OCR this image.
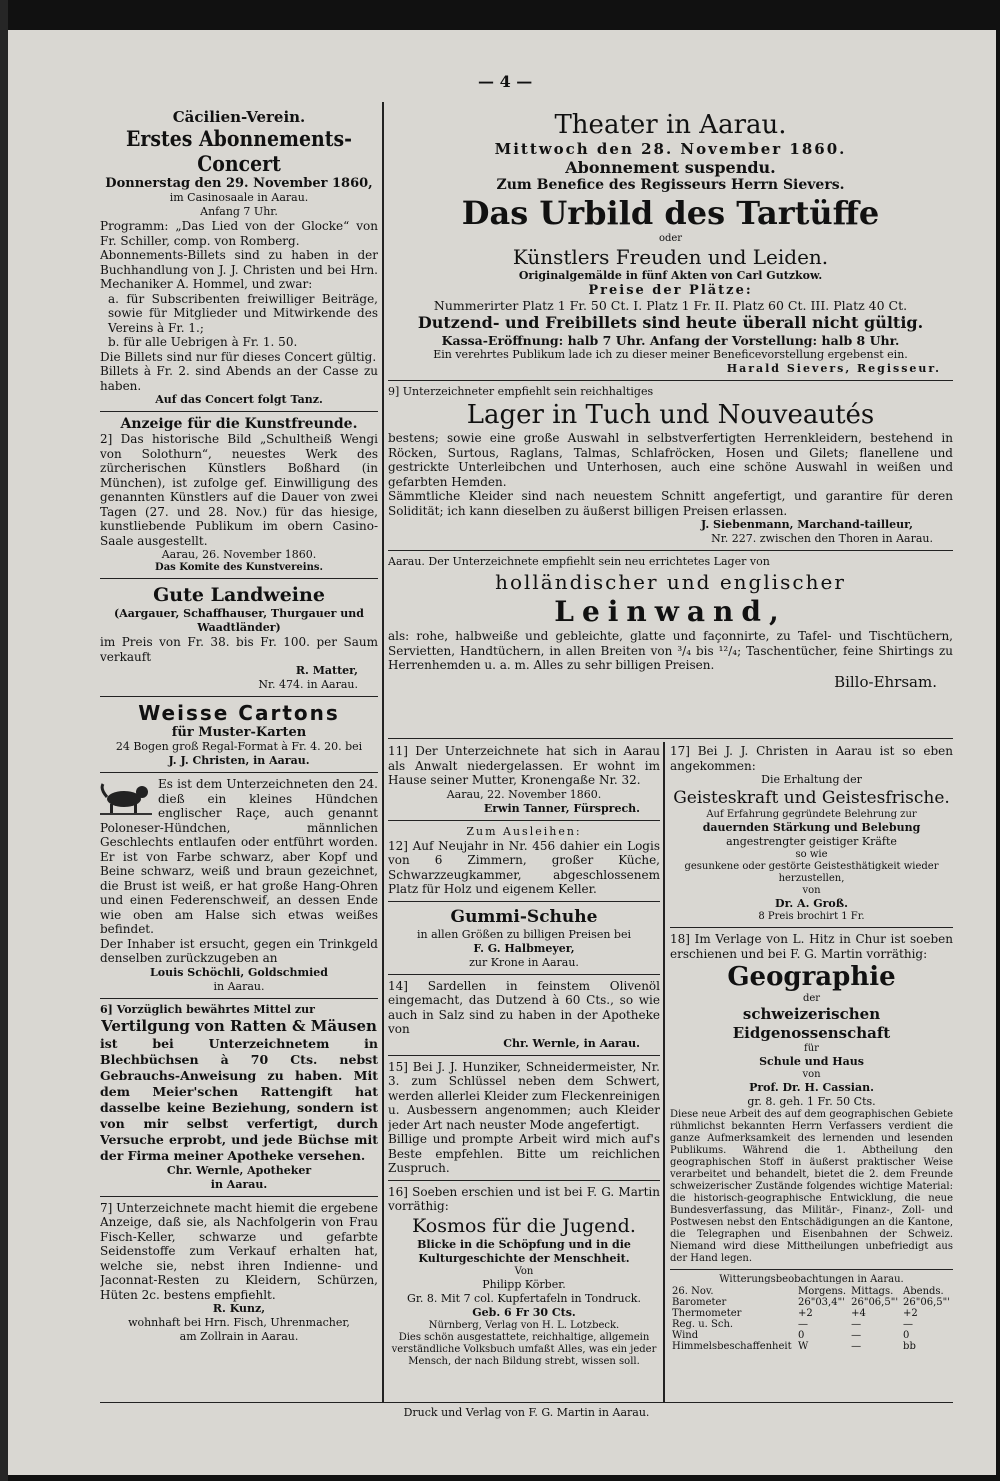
— 4 —

Cäcilien-Verein.

Erstes Abonnements-Concert

Donnerstag den 29. November 1860,

im Casinosaale in Aarau.

Anfang 7 Uhr.

Programm: „Das Lied von der Glocke“ von Fr. Schiller, comp. von Romberg.

Abonnements-Billets sind zu haben in der Buchhandlung von J. J. Christen und bei Hrn. Mechaniker A. Hommel, und zwar:

a. für Subscribenten freiwilliger Beiträge, sowie für Mitglieder und Mitwirkende des Vereins à Fr. 1.;

b. für alle Uebrigen à Fr. 1. 50.

Die Billets sind nur für dieses Concert gültig.

Billets à Fr. 2. sind Abends an der Casse zu haben.

Auf das Concert folgt Tanz.

Anzeige für die Kunstfreunde.

2] Das historische Bild „Schultheiß Wengi von Solothurn“, neuestes Werk des zürcherischen Künstlers Boßhard (in München), ist zufolge gef. Einwilligung des genannten Künstlers auf die Dauer von zwei Tagen (27. und 28. Nov.) für das hiesige, kunstliebende Publikum im obern Casino-Saale ausgestellt.

Aarau, 26. November 1860.

Das Komite des Kunstvereins.

Gute Landweine

(Aargauer, Schaffhauser, Thurgauer und Waadtländer)

im Preis von Fr. 38. bis Fr. 100. per Saum verkauft

R. Matter,

Nr. 474. in Aarau.

Weisse Cartons

für Muster-Karten

24 Bogen groß Regal-Format à Fr. 4. 20. bei

J. J. Christen, in Aarau.

Es ist dem Unterzeichneten den 24. dieß ein kleines Hündchen englischer Raçe, auch genannt Poloneser-Hündchen, männlichen Geschlechts entlaufen oder entführt worden. Er ist von Farbe schwarz, aber Kopf und Beine schwarz, weiß und braun gezeichnet, die Brust ist weiß, er hat große Hang-Ohren und einen Federenschweif, an dessen Ende wie oben am Halse sich etwas weißes befindet.

Der Inhaber ist ersucht, gegen ein Trinkgeld denselben zurückzugeben an

Louis Schöchli, Goldschmied

in Aarau.

6] Vorzüglich bewährtes Mittel zur

Vertilgung von Ratten & Mäusen

ist bei Unterzeichnetem in Blechbüchsen à 70 Cts. nebst Gebrauchs-Anweisung zu haben. Mit dem Meier'schen Rattengift hat dasselbe keine Beziehung, sondern ist von mir selbst verfertigt, durch Versuche erprobt, und jede Büchse mit der Firma meiner Apotheke versehen.

Chr. Wernle, Apotheker

in Aarau.

7] Unterzeichnete macht hiemit die ergebene Anzeige, daß sie, als Nachfolgerin von Frau Fisch-Keller, schwarze und gefarbte Seidenstoffe zum Verkauf erhalten hat, welche sie, nebst ihren Indienne- und Jaconnat-Resten zu Kleidern, Schürzen, Hüten 2c. bestens empfiehlt.

R. Kunz,

wohnhaft bei Hrn. Fisch, Uhrenmacher,

am Zollrain in Aarau.

Theater in Aarau.

Mittwoch den 28. November 1860.

Abonnement suspendu.

Zum Benefice des Regisseurs Herrn Sievers.

Das Urbild des Tartüffe

oder

Künstlers Freuden und Leiden.

Originalgemälde in fünf Akten von Carl Gutzkow.

Preise der Plätze:

Nummerirter Platz 1 Fr. 50 Ct. I. Platz 1 Fr. II. Platz 60 Ct. III. Platz 40 Ct.

Dutzend- und Freibillets sind heute überall nicht gültig.

Kassa-Eröffnung: halb 7 Uhr. Anfang der Vorstellung: halb 8 Uhr.

Ein verehrtes Publikum lade ich zu dieser meiner Beneficevorstellung ergebenst ein.

Harald Sievers, Regisseur.

9] Unterzeichneter empfiehlt sein reichhaltiges

Lager in Tuch und Nouveautés

bestens; sowie eine große Auswahl in selbstverfertigten Herrenkleidern, bestehend in Röcken, Surtous, Raglans, Talmas, Schlafröcken, Hosen und Gilets; flanellene und gestrickte Unterleibchen und Unterhosen, auch eine schöne Auswahl in weißen und gefarbten Hemden.

Sämmtliche Kleider sind nach neuestem Schnitt angefertigt, und garantire für deren Solidität; ich kann dieselben zu äußerst billigen Preisen erlassen.

J. Siebenmann, Marchand-tailleur,

Nr. 227. zwischen den Thoren in Aarau.

Aarau. Der Unterzeichnete empfiehlt sein neu errichtetes Lager von

holländischer und englischer

Leinwand,

als: rohe, halbweiße und gebleichte, glatte und façonnirte, zu Tafel- und Tischtüchern, Servietten, Handtüchern, in allen Breiten von ³/₄ bis ¹²/₄; Taschentücher, feine Shirtings zu Herrenhemden u. a. m. Alles zu sehr billigen Preisen.

Billo-Ehrsam.

11] Der Unterzeichnete hat sich in Aarau als Anwalt niedergelassen. Er wohnt im Hause seiner Mutter, Kronengaße Nr. 32.

Aarau, 22. November 1860.

Erwin Tanner, Fürsprech.

Zum Ausleihen:

12] Auf Neujahr in Nr. 456 dahier ein Logis von 6 Zimmern, großer Küche, Schwarzzeugkammer, abgeschlossenem Platz für Holz und eigenem Keller.

Gummi-Schuhe

in allen Größen zu billigen Preisen bei

F. G. Halbmeyer,

zur Krone in Aarau.

14] Sardellen in feinstem Olivenöl eingemacht, das Dutzend à 60 Cts., so wie auch in Salz sind zu haben in der Apotheke von

Chr. Wernle, in Aarau.

15] Bei J. J. Hunziker, Schneidermeister, Nr. 3. zum Schlüssel neben dem Schwert, werden allerlei Kleider zum Fleckenreinigen u. Ausbessern angenommen; auch Kleider jeder Art nach neuster Mode angefertigt.

Billige und prompte Arbeit wird mich auf's Beste empfehlen. Bitte um reichlichen Zuspruch.

16] Soeben erschien und ist bei F. G. Martin vorräthig:

Kosmos für die Jugend.

Blicke in die Schöpfung und in die Kulturgeschichte der Menschheit.

Von

Philipp Körber.

Gr. 8. Mit 7 col. Kupfertafeln in Tondruck.

Geb. 6 Fr 30 Cts.

Nürnberg, Verlag von H. L. Lotzbeck.

Dies schön ausgestattete, reichhaltige, allgemein verständliche Volksbuch umfaßt Alles, was ein jeder Mensch, der nach Bildung strebt, wissen soll.

17] Bei J. J. Christen in Aarau ist so eben angekommen:

Die Erhaltung der

Geisteskraft und Geistesfrische.

Auf Erfahrung gegründete Belehrung zur

dauernden Stärkung und Belebung

angestrengter geistiger Kräfte

so wie

gesunkene oder gestörte Geistesthätigkeit wieder herzustellen,

von

Dr. A. Groß.

8 Preis brochirt 1 Fr.

18] Im Verlage von L. Hitz in Chur ist soeben erschienen und bei F. G. Martin vorräthig:

Geographie

der

schweizerischen Eidgenossenschaft

für

Schule und Haus

von

Prof. Dr. H. Cassian.

gr. 8. geh. 1 Fr. 50 Cts.

Diese neue Arbeit des auf dem geographischen Gebiete rühmlichst bekannten Herrn Verfassers verdient die ganze Aufmerksamkeit des lernenden und lesenden Publikums. Während die 1. Abtheilung den geographischen Stoff in äußerst praktischer Weise verarbeitet und behandelt, bietet die 2. dem Freunde schweizerischer Zustände folgendes wichtige Material: die historisch-geographische Entwicklung, die neue Bundesverfassung, das Militär-, Finanz-, Zoll- und Postwesen nebst den Entschädigungen an die Kantone, die Telegraphen und Eisenbahnen der Schweiz. Niemand wird diese Mittheilungen unbefriedigt aus der Hand legen.

Witterungsbeobachtungen in Aarau.

26. Nov.	Morgens.	Mittags.	Abends.
Barometer	26"03,4"'	26"06,5"'	26"06,5"'
Thermometer	+2	+4	+2
Reg. u. Sch.	—	—	—
Wind	0	—	0
Himmelsbeschaffenheit	W	—	bb

Druck und Verlag von F. G. Martin in Aarau.
